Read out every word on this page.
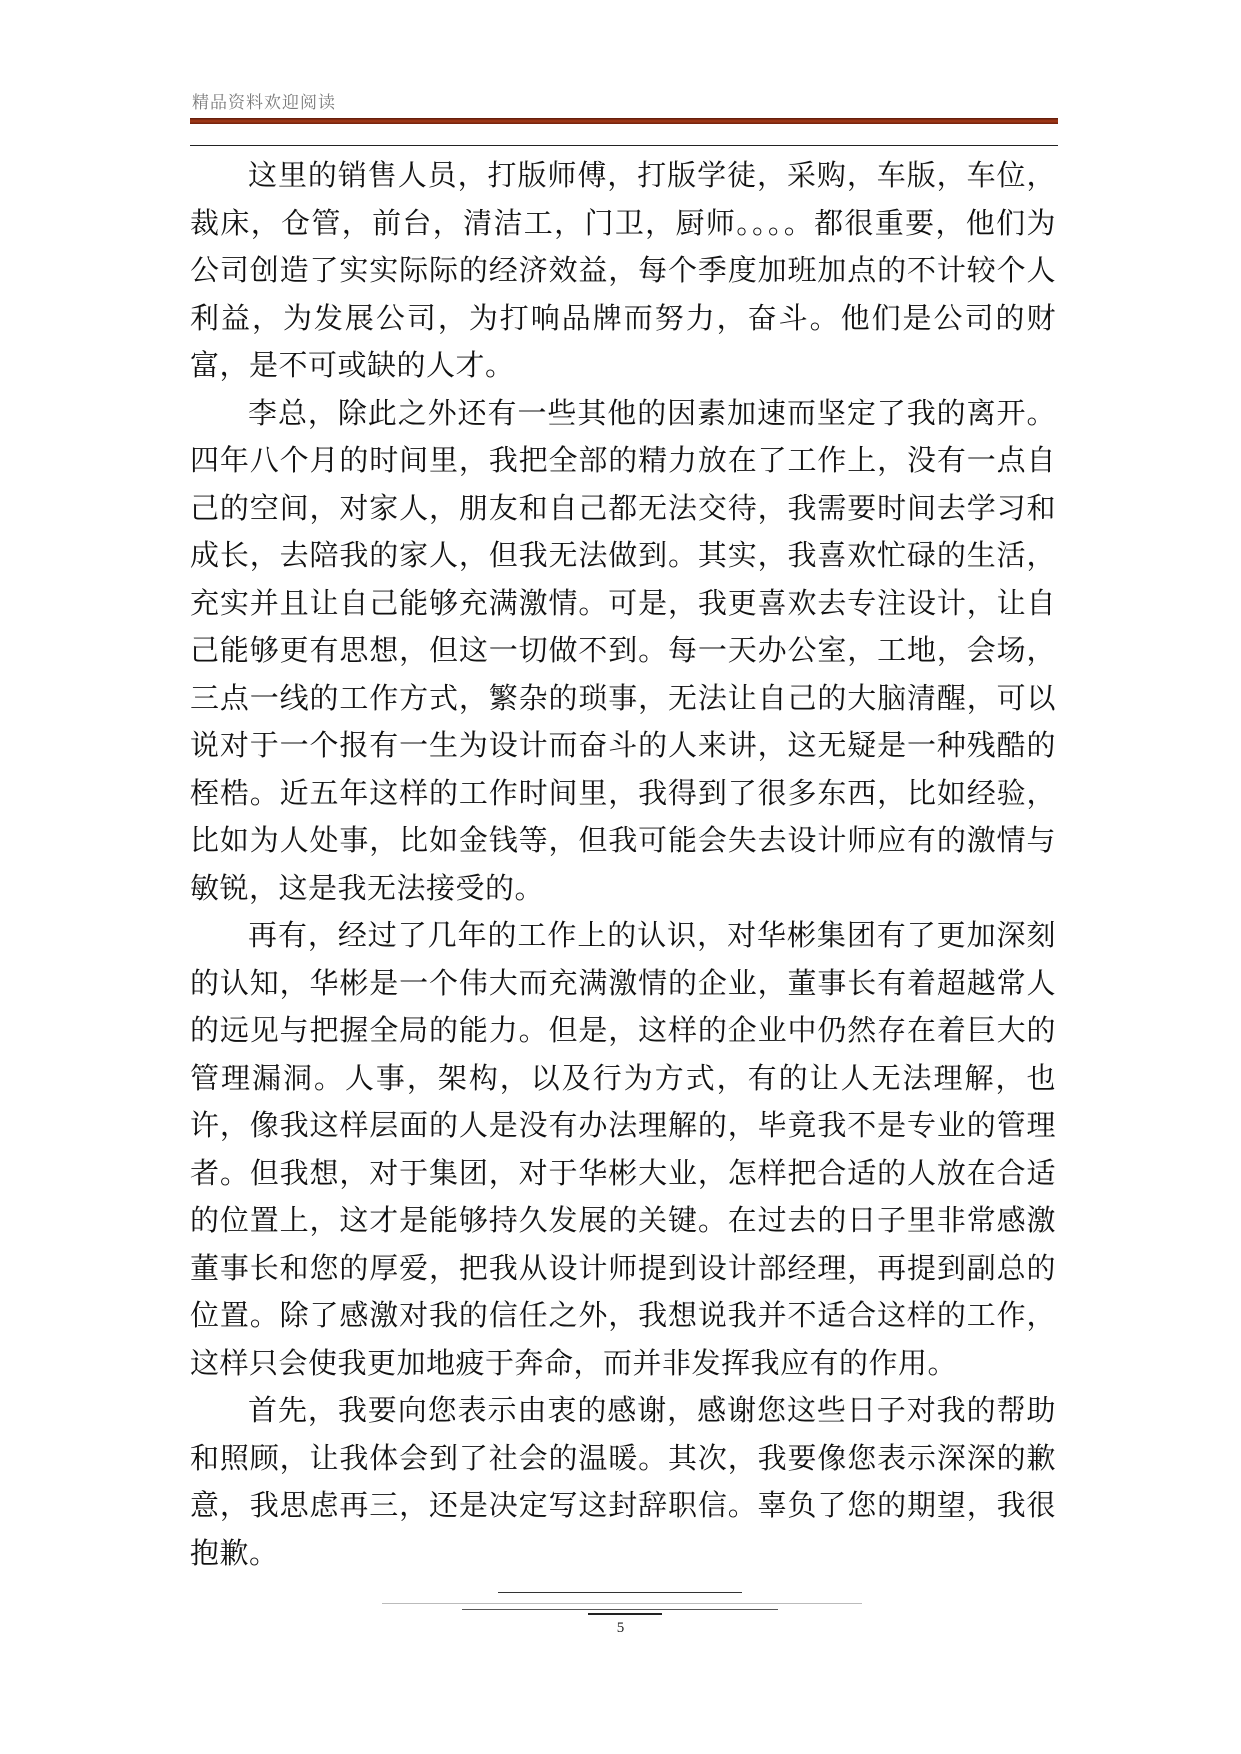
精品资料欢迎阅读

这里的销售人员，打版师傅，打版学徒，采购，车版，车位，裁床，仓管，前台，清洁工，门卫，厨师。。。。都很重要，他们为公司创造了实实际际的经济效益，每个季度加班加点的不计较个人利益，为发展公司，为打响品牌而努力，奋斗。他们是公司的财富，是不可或缺的人才。

李总，除此之外还有一些其他的因素加速而坚定了我的离开。四年八个月的时间里，我把全部的精力放在了工作上，没有一点自己的空间，对家人，朋友和自己都无法交待，我需要时间去学习和成长，去陪我的家人，但我无法做到。其实，我喜欢忙碌的生活，充实并且让自己能够充满激情。可是，我更喜欢去专注设计，让自己能够更有思想，但这一切做不到。每一天办公室，工地，会场，三点一线的工作方式，繁杂的琐事，无法让自己的大脑清醒，可以说对于一个报有一生为设计而奋斗的人来讲，这无疑是一种残酷的桎梏。近五年这样的工作时间里，我得到了很多东西，比如经验，比如为人处事，比如金钱等，但我可能会失去设计师应有的激情与敏锐，这是我无法接受的。

再有，经过了几年的工作上的认识，对华彬集团有了更加深刻的认知，华彬是一个伟大而充满激情的企业，董事长有着超越常人的远见与把握全局的能力。但是，这样的企业中仍然存在着巨大的管理漏洞。人事，架构，以及行为方式，有的让人无法理解，也许，像我这样层面的人是没有办法理解的，毕竟我不是专业的管理者。但我想，对于集团，对于华彬大业，怎样把合适的人放在合适的位置上，这才是能够持久发展的关键。在过去的日子里非常感激董事长和您的厚爱，把我从设计师提到设计部经理，再提到副总的位置。除了感激对我的信任之外，我想说我并不适合这样的工作，这样只会使我更加地疲于奔命，而并非发挥我应有的作用。

首先，我要向您表示由衷的感谢，感谢您这些日子对我的帮助和照顾，让我体会到了社会的温暖。其次，我要像您表示深深的歉意，我思虑再三，还是决定写这封辞职信。辜负了您的期望，我很抱歉。

5
